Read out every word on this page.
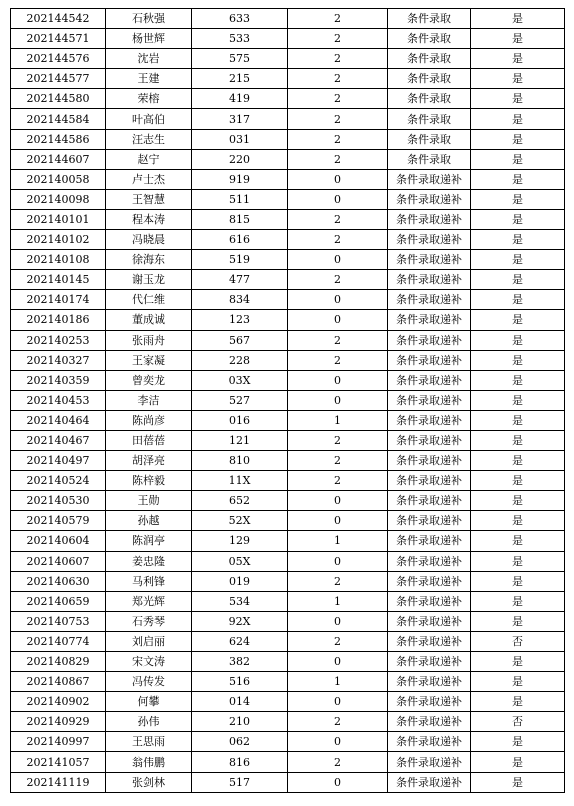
202144542	石秋强	633	2	条件录取	是
202144571	杨世辉	533	2	条件录取	是
202144576	沈岩	575	2	条件录取	是
202144577	王建	215	2	条件录取	是
202144580	荣榕	419	2	条件录取	是
202144584	叶高伯	317	2	条件录取	是
202144586	汪志生	031	2	条件录取	是
202144607	赵宁	220	2	条件录取	是
202140058	卢士杰	919	0	条件录取递补	是
202140098	王智慧	511	0	条件录取递补	是
202140101	程本涛	815	2	条件录取递补	是
202140102	冯晓晨	616	2	条件录取递补	是
202140108	徐海东	519	0	条件录取递补	是
202140145	谢玉龙	477	2	条件录取递补	是
202140174	代仁维	834	0	条件录取递补	是
202140186	董成诚	123	0	条件录取递补	是
202140253	张雨舟	567	2	条件录取递补	是
202140327	王家凝	228	2	条件录取递补	是
202140359	曾奕龙	03X	0	条件录取递补	是
202140453	李洁	527	0	条件录取递补	是
202140464	陈尚彦	016	1	条件录取递补	是
202140467	田蓓蓓	121	2	条件录取递补	是
202140497	胡泽亮	810	2	条件录取递补	是
202140524	陈梓毅	11X	2	条件录取递补	是
202140530	王勋	652	0	条件录取递补	是
202140579	孙越	52X	0	条件录取递补	是
202140604	陈润亭	129	1	条件录取递补	是
202140607	姜忠隆	05X	0	条件录取递补	是
202140630	马利锋	019	2	条件录取递补	是
202140659	郑光辉	534	1	条件录取递补	是
202140753	石秀琴	92X	0	条件录取递补	是
202140774	刘启丽	624	2	条件录取递补	否
202140829	宋文涛	382	0	条件录取递补	是
202140867	冯传发	516	1	条件录取递补	是
202140902	何攀	014	0	条件录取递补	是
202140929	孙伟	210	2	条件录取递补	否
202140997	王思雨	062	0	条件录取递补	是
202141057	翁伟鹏	816	2	条件录取递补	是
202141119	张剑林	517	0	条件录取递补	是
